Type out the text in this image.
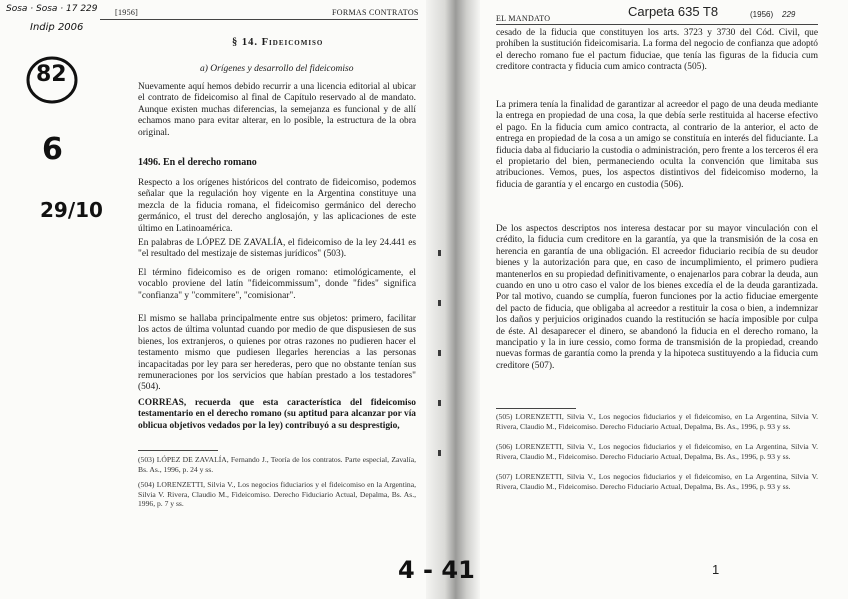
[1956]	FORMAS CONTRATOS
§ 14. Fideicomiso
a) Orígenes y desarrollo del fideicomiso

Nuevamente aquí hemos debido recurrir a una licencia editorial al ubicar el contrato de fideicomiso al final de Capítulo reservado al de mandato. Aunque existen muchas diferencias, la semejanza es funcional y de allí echamos mano para evitar alterar, en lo posible, la estructura de la obra original.

1496. En el derecho romano

Respecto a los orígenes históricos del contrato de fideicomiso, podemos señalar que la regulación hoy vigente en la Argentina constituye una mezcla de la fiducia romana, el fideicomiso germánico del derecho germánico, el trust del derecho anglosajón, y las aplicaciones de este último en Latinoamérica.

En palabras de LÓPEZ DE ZAVALÍA, el fideicomiso de la ley 24.441 es "el resultado del mestizaje de sistemas jurídicos" (503).

El término fideicomiso es de origen romano: etimológicamente, el vocablo proviene del latín "fideicommissum", donde "fides" significa "confianza" y "commitere", "comisionar".

El mismo se hallaba principalmente entre sus objetos: primero, facilitar los actos de última voluntad cuando por medio de que dispusiesen de sus bienes, los extranjeros, o quienes por otras razones no pudieren hacer el testamento mismo que pudiesen llegarles herencias a las personas incapacitadas por ley para ser herederas, pero que no obstante tenían sus remuneraciones por los servicios que habían prestado a los testadores" (504).

CORREAS, recuerda que esta característica del fideicomiso testamentario en el derecho romano (su aptitud para alcanzar por vía oblicua objetivos vedados por la ley) contribuyó a su desprestigio,

(503) LÓPEZ DE ZAVALÍA, Fernando J., Teoría de los contratos. Parte especial, Zavalía, Bs. As., 1996, p. 24 y ss.

(504) LORENZETTI, Silvia V., Los negocios fiduciarios y el fideicomiso en la Argentina, Silvia V. Rivera, Claudio M., Fideicomiso. Derecho Fiduciario Actual, Depalma, Bs. As., 1996, p. 7 y ss.

EL MANDATO

cesado de la fiducia que constituyen los arts. 3723 y 3730 del Cód. Civil, que prohíben la sustitución fideicomisaria. La forma del negocio de confianza que adoptó el derecho romano fue el pactum fiduciae, que tenía las figuras de la fiducia cum creditore contracta y fiducia cum amico contracta (505).

La primera tenía la finalidad de garantizar al acreedor el pago de una deuda mediante la entrega en propiedad de una cosa, la que debía serle restituida al hacerse efectivo el pago. En la fiducia cum amico contracta, al contrario de la anterior, el acto de entrega en propiedad de la cosa a un amigo se constituía en interés del fiduciante. La fiducia daba al fiduciario la custodia o administración, pero frente a los terceros él era el propietario del bien, permaneciendo oculta la convención que limitaba sus atribuciones. Vemos, pues, los aspectos distintivos del fideicomiso moderno, la fiducia de garantía y el encargo en custodia (506).

De los aspectos descriptos nos interesa destacar por su mayor vinculación con el crédito, la fiducia cum creditore en la garantía, ya que la transmisión de la cosa en herencia en garantía de una obligación. El acreedor fiduciario recibía de su deudor bienes y la autorización para que, en caso de incumplimiento, el primero pudiera mantenerlos en su propiedad definitivamente, o enajenarlos para cobrar la deuda, aun cuando en uno u otro caso el valor de los bienes excedía el de la deuda garantizada. Por tal motivo, cuando se cumplía, fueron funciones por la actio fiduciae emergente del pacto de fiducia, que obligaba al acreedor a restituir la cosa o bien, a indemnizar los daños y perjuicios originados cuando la restitución se hacía imposible por culpa de éste. Al desaparecer el dinero, se abandonó la fiducia en el derecho romano, la mancipatio y la in iure cessio, como forma de transmisión de la propiedad, creando nuevas formas de garantía como la prenda y la hipoteca sustituyendo a la fiducia cum creditore (507).

(505) LORENZETTI, Silvia V., Los negocios fiduciarios y el fideicomiso, en La Argentina, Silvia V. Rivera, Claudio M., Fideicomiso. Derecho Fiduciario Actual, Depalma, Bs. As., 1996, p. 93 y ss.

(506) LORENZETTI, Silvia V., Los negocios fiduciarios y el fideicomiso, en La Argentina, Silvia V. Rivera, Claudio M., Fideicomiso. Derecho Fiduciario Actual, Depalma, Bs. As., 1996, p. 93 y ss.

(507) LORENZETTI, Silvia V., Los negocios fiduciarios y el fideicomiso, en La Argentina, Silvia V. Rivera, Claudio M., Fideicomiso. Derecho Fiduciario Actual, Depalma, Bs. As., 1996, p. 93 y ss.

Carpeta 635 T8	(1956) 229
1
Sosa · Sosa · 17 229
Indip 2006
82
6
29/10
4 - 41
